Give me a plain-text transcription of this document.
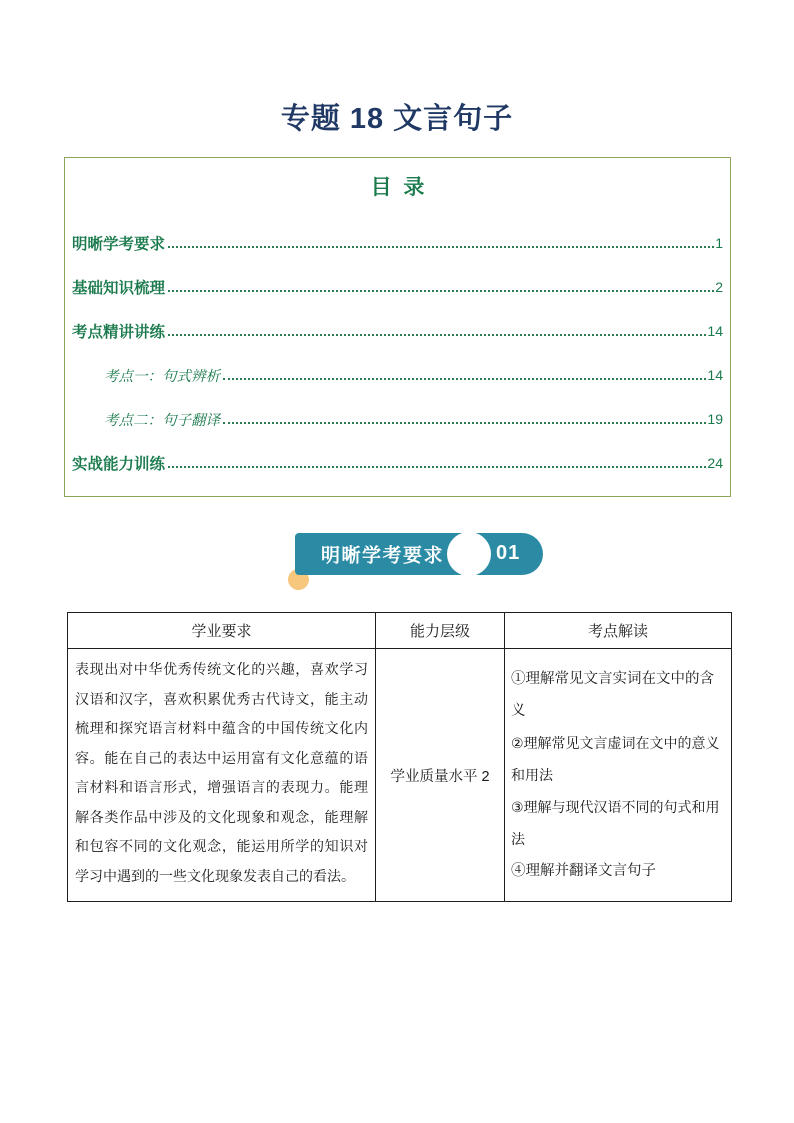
专题 18 文言句子
目  录
明晰学考要求	1
基础知识梳理	2
考点精讲讲练	14
考点一：句式辨析	14
考点二：句子翻译	19
实战能力训练	24
明晰学考要求	01
学业要求	能力层级	考点解读
表现出对中华优秀传统文化的兴趣，喜欢学习汉语和汉字，喜欢积累优秀古代诗文，能主动梳理和探究语言材料中蕴含的中国传统文化内容。能在自己的表达中运用富有文化意蕴的语言材料和语言形式，增强语言的表现力。能理解各类作品中涉及的文化现象和观念，能理解和包容不同的文化观念，能运用所学的知识对学习中遇到的一些文化现象发表自己的看法。	学业质量水平 2	①理解常见文言实词在文中的含义

②理解常见文言虚词在文中的意义和用法

③理解与现代汉语不同的句式和用法

④理解并翻译文言句子
